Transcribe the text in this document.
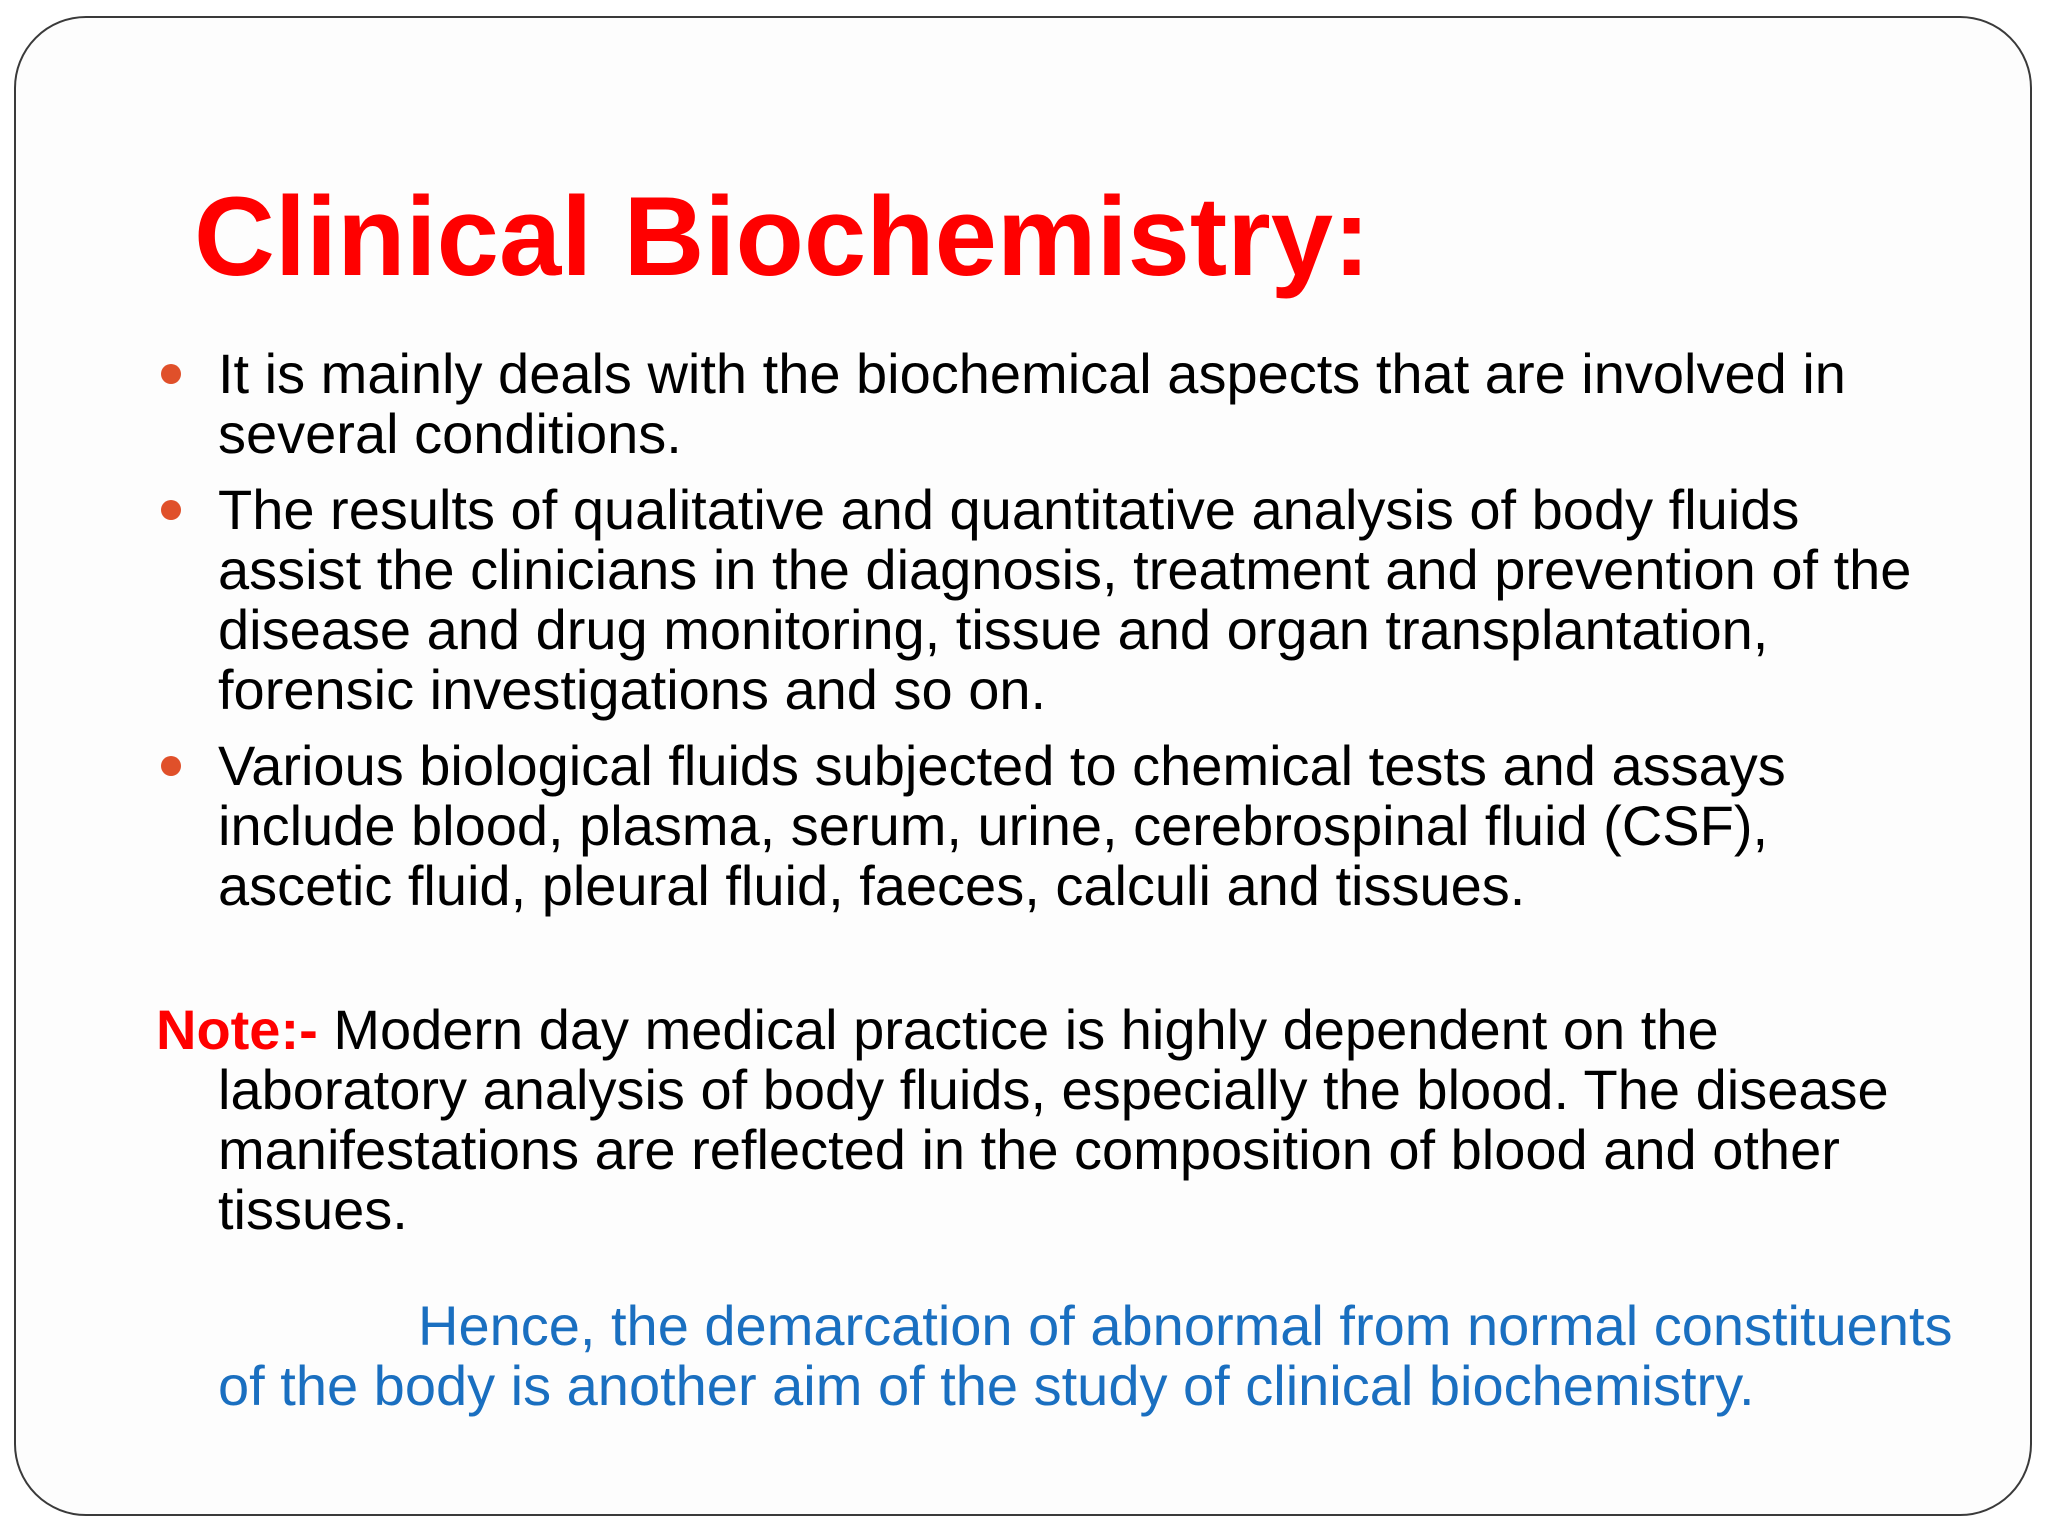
Clinical Biochemistry:
It is mainly deals with the biochemical aspects that are involved in several conditions.
The results of qualitative and quantitative analysis of body fluids assist the clinicians in the diagnosis, treatment and prevention of the disease and drug monitoring, tissue and organ transplantation, forensic investigations and so on.
Various biological fluids subjected to chemical tests and assays include blood, plasma, serum, urine, cerebrospinal fluid (CSF), ascetic fluid, pleural fluid, faeces, calculi and tissues.

Note:- Modern day medical practice is highly dependent on the laboratory analysis of body fluids, especially the blood. The disease manifestations are reflected in the composition of blood and other tissues.

Hence, the demarcation of abnormal from normal constituents of the body is another aim of the study of clinical biochemistry.
